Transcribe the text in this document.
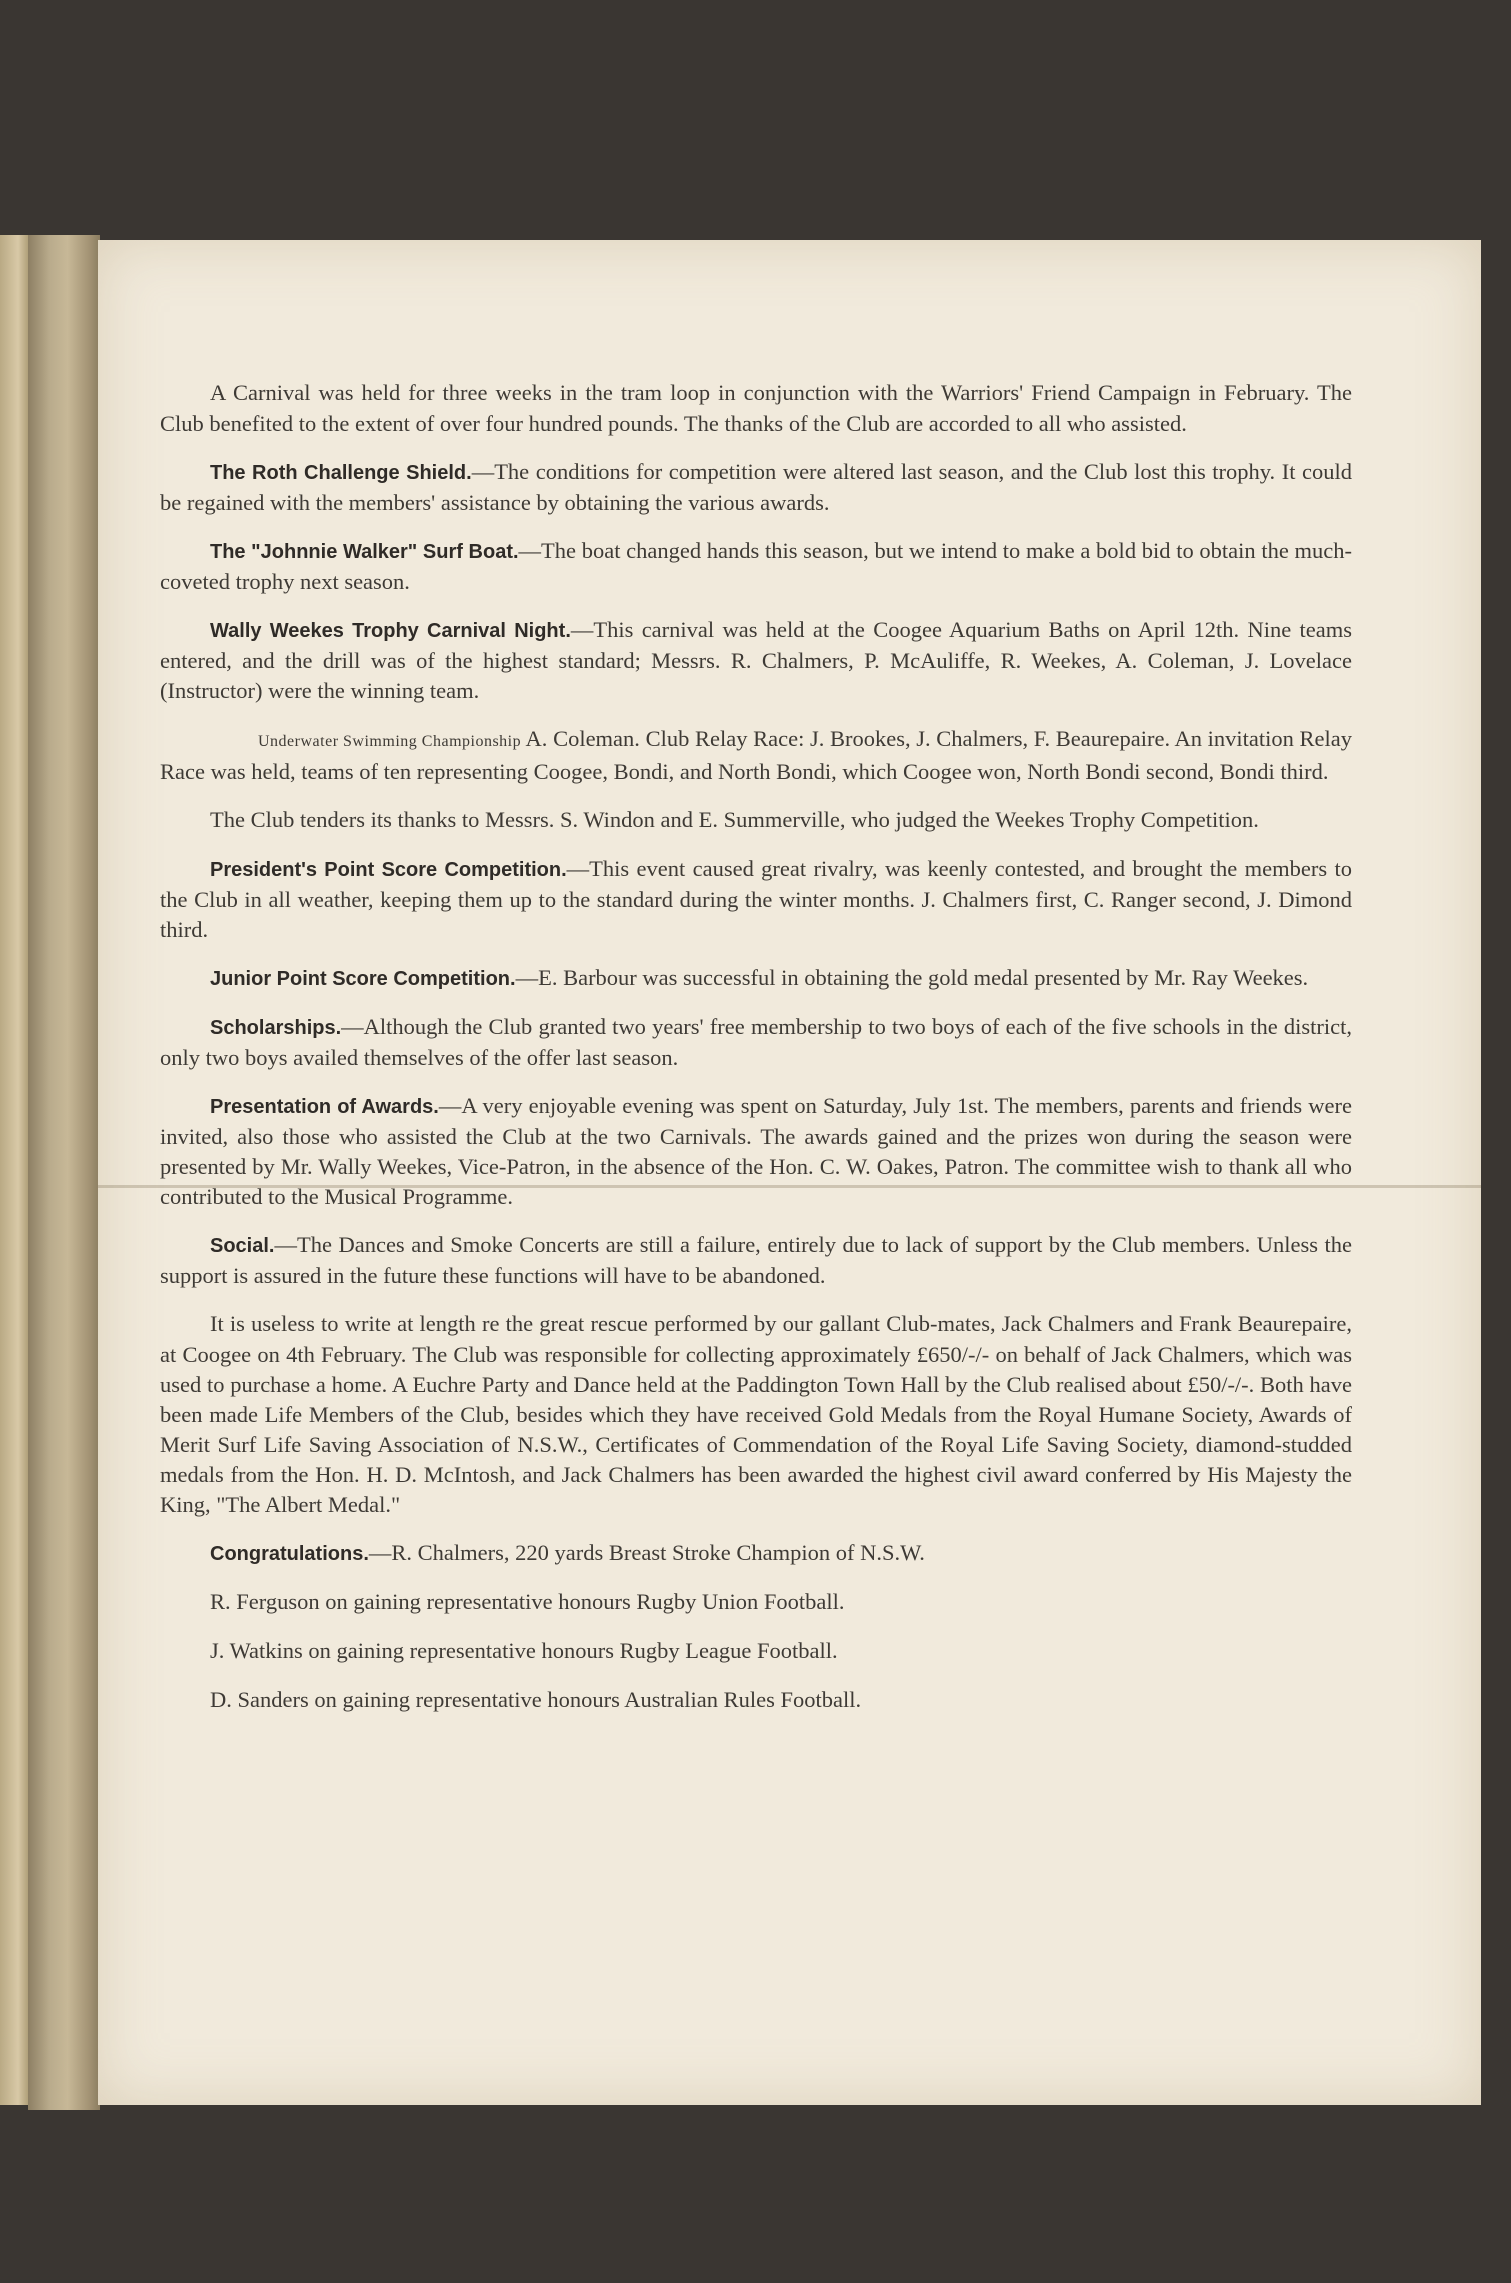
A Carnival was held for three weeks in the tram loop in conjunction with the Warriors' Friend Campaign in February. The Club benefited to the extent of over four hundred pounds. The thanks of the Club are accorded to all who assisted.

The Roth Challenge Shield.—The conditions for competition were altered last season, and the Club lost this trophy. It could be regained with the members' assistance by obtaining the various awards.

The "Johnnie Walker" Surf Boat.—The boat changed hands this season, but we intend to make a bold bid to obtain the much-coveted trophy next season.

Wally Weekes Trophy Carnival Night.—This carnival was held at the Coogee Aquarium Baths on April 12th. Nine teams entered, and the drill was of the highest standard; Messrs. R. Chalmers, P. McAuliffe, R. Weekes, A. Coleman, J. Lovelace (Instructor) were the winning team.

Underwater Swimming Championship A. Coleman. Club Relay Race: J. Brookes, J. Chalmers, F. Beaurepaire. An invitation Relay Race was held, teams of ten representing Coogee, Bondi, and North Bondi, which Coogee won, North Bondi second, Bondi third.

The Club tenders its thanks to Messrs. S. Windon and E. Summerville, who judged the Weekes Trophy Competition.

President's Point Score Competition.—This event caused great rivalry, was keenly contested, and brought the members to the Club in all weather, keeping them up to the standard during the winter months. J. Chalmers first, C. Ranger second, J. Dimond third.

Junior Point Score Competition.—E. Barbour was successful in obtaining the gold medal presented by Mr. Ray Weekes.

Scholarships.—Although the Club granted two years' free membership to two boys of each of the five schools in the district, only two boys availed themselves of the offer last season.

Presentation of Awards.—A very enjoyable evening was spent on Saturday, July 1st. The members, parents and friends were invited, also those who assisted the Club at the two Carnivals. The awards gained and the prizes won during the season were presented by Mr. Wally Weekes, Vice-Patron, in the absence of the Hon. C. W. Oakes, Patron. The committee wish to thank all who contributed to the Musical Programme.

Social.—The Dances and Smoke Concerts are still a failure, entirely due to lack of support by the Club members. Unless the support is assured in the future these functions will have to be abandoned.

It is useless to write at length re the great rescue performed by our gallant Club-mates, Jack Chalmers and Frank Beaurepaire, at Coogee on 4th February. The Club was responsible for collecting approximately £650/-/- on behalf of Jack Chalmers, which was used to purchase a home. A Euchre Party and Dance held at the Paddington Town Hall by the Club realised about £50/-/-. Both have been made Life Members of the Club, besides which they have received Gold Medals from the Royal Humane Society, Awards of Merit Surf Life Saving Association of N.S.W., Certificates of Commendation of the Royal Life Saving Society, diamond-studded medals from the Hon. H. D. McIntosh, and Jack Chalmers has been awarded the highest civil award conferred by His Majesty the King, "The Albert Medal."

Congratulations.—R. Chalmers, 220 yards Breast Stroke Champion of N.S.W.

R. Ferguson on gaining representative honours Rugby Union Football.

J. Watkins on gaining representative honours Rugby League Football.

D. Sanders on gaining representative honours Australian Rules Football.
